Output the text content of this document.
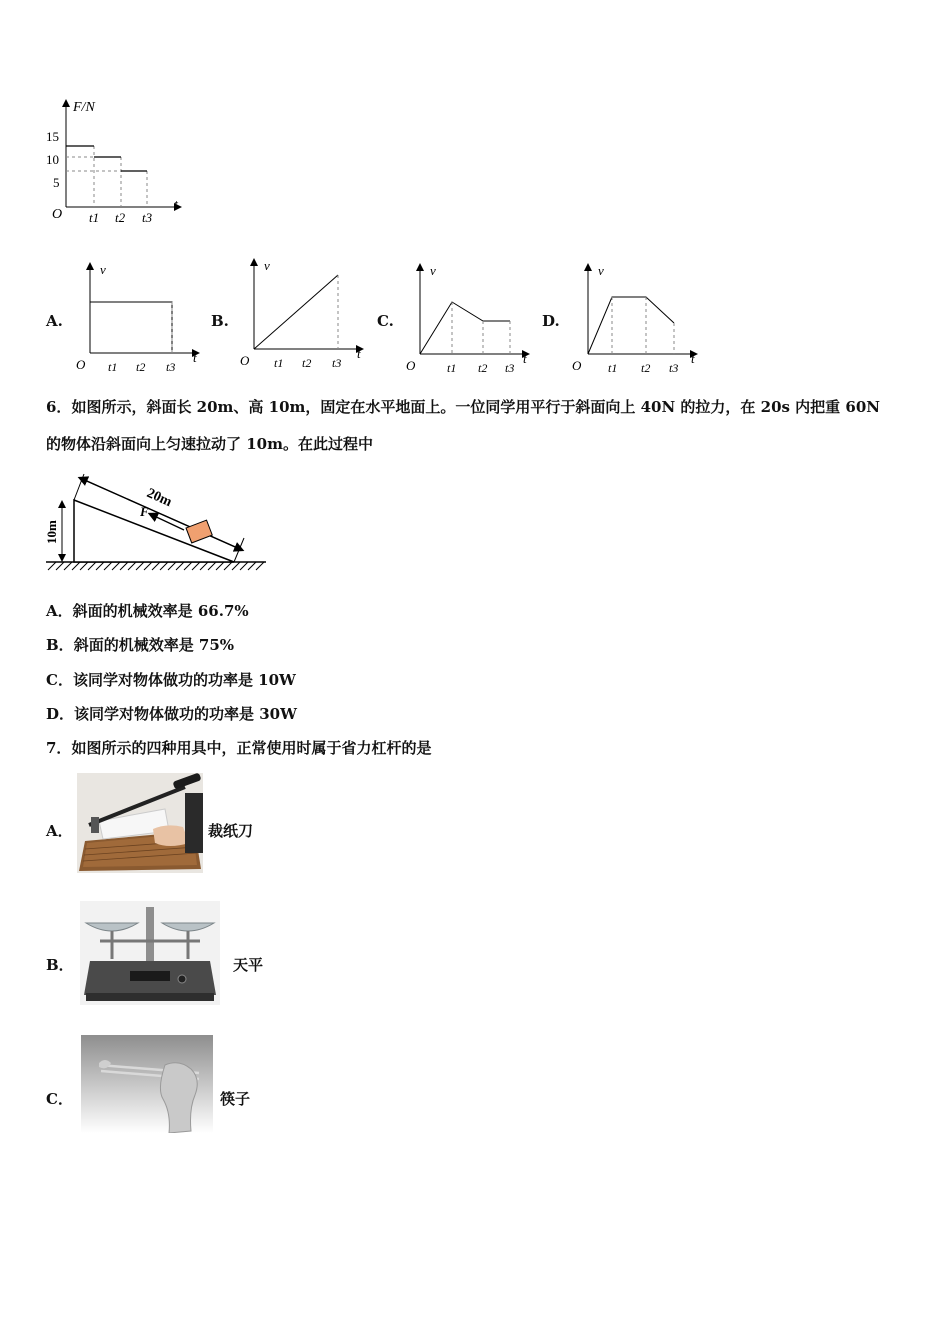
F/N
t
O
15
10
5
t1 t2 t3
A.
v
t
O t1 t2 t3
B.
v
t
O t1 t2 t3
C.
v
t
O	t1 t2 t3
D.
v
t
O t1 t2 t3
6．如图所示，斜面长 20m、高 10m，固定在水平地面上。一位同学用平行于斜面向上 40N 的拉力，在 20s 内把重 60N
的物体沿斜面向上匀速拉动了 10m。在此过程中
10m
20m
F
A．斜面的机械效率是 66.7%
B．斜面的机械效率是 75%
C．该同学对物体做功的功率是 10W
D．该同学对物体做功的功率是 30W
7．如图所示的四种用具中，正常使用时属于省力杠杆的是
A．	裁纸刀
B．	天平
C．	筷子
